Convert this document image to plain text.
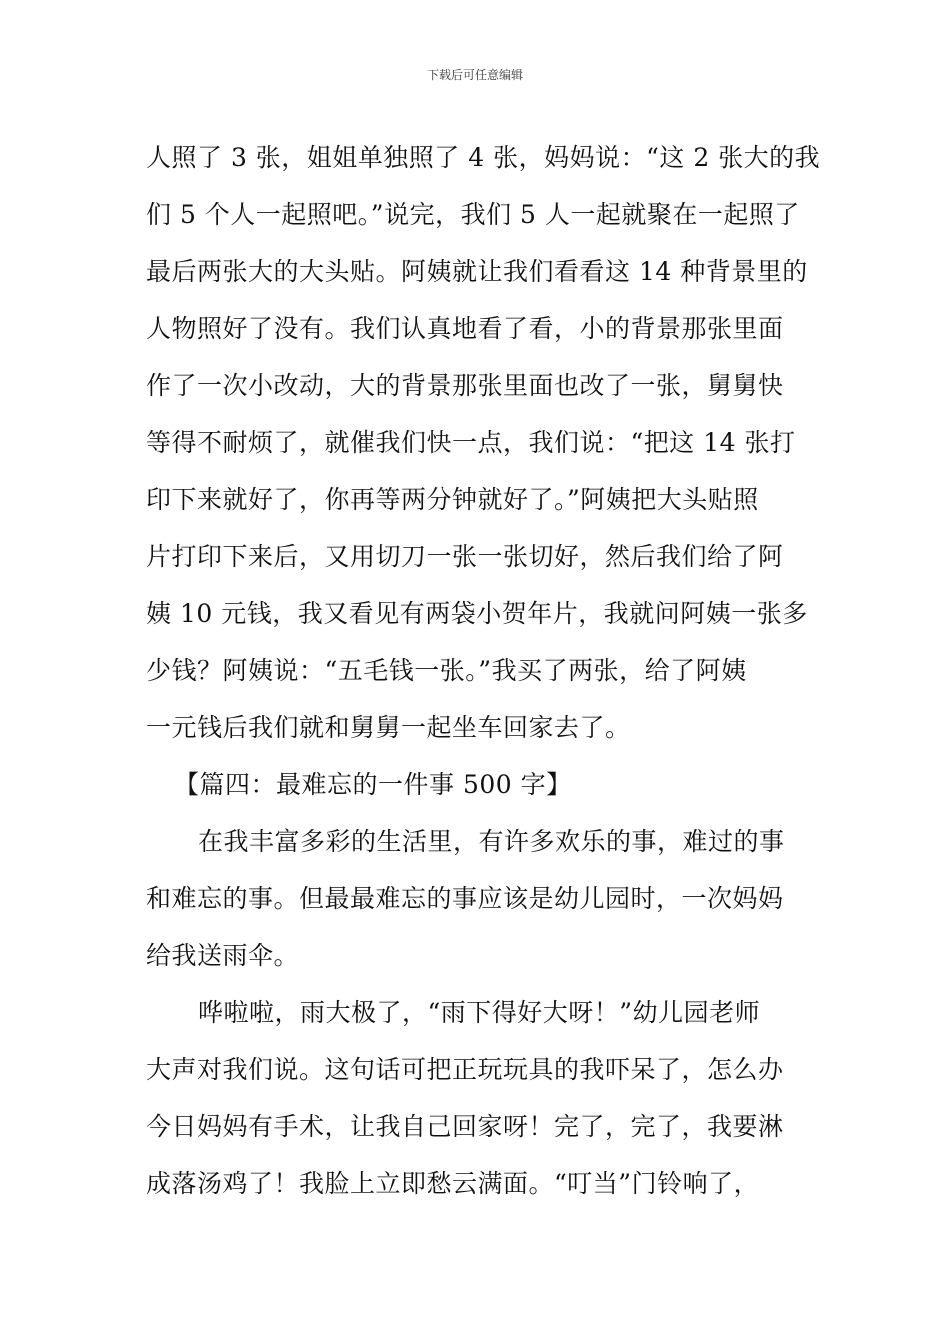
下载后可任意编辑
人照了 3 张，姐姐单独照了 4 张，妈妈说：“这 2 张大的我
们 5 个人一起照吧。”说完，我们 5 人一起就聚在一起照了
最后两张大的大头贴。阿姨就让我们看看这 14 种背景里的
人物照好了没有。我们认真地看了看，小的背景那张里面
作了一次小改动，大的背景那张里面也改了一张，舅舅快
等得不耐烦了，就催我们快一点，我们说：“把这 14 张打
印下来就好了，你再等两分钟就好了。”阿姨把大头贴照
片打印下来后，又用切刀一张一张切好，然后我们给了阿
姨 10 元钱，我又看见有两袋小贺年片，我就问阿姨一张多
少钱？阿姨说：“五毛钱一张。”我买了两张，给了阿姨
一元钱后我们就和舅舅一起坐车回家去了。
【篇四：最难忘的一件事 500 字】
在我丰富多彩的生活里，有许多欢乐的事，难过的事
和难忘的事。但最最难忘的事应该是幼儿园时，一次妈妈
给我送雨伞。
哗啦啦，雨大极了，“雨下得好大呀！”幼儿园老师
大声对我们说。这句话可把正玩玩具的我吓呆了，怎么办
今日妈妈有手术，让我自己回家呀！完了，完了，我要淋
成落汤鸡了！我脸上立即愁云满面。“叮当”门铃响了，
